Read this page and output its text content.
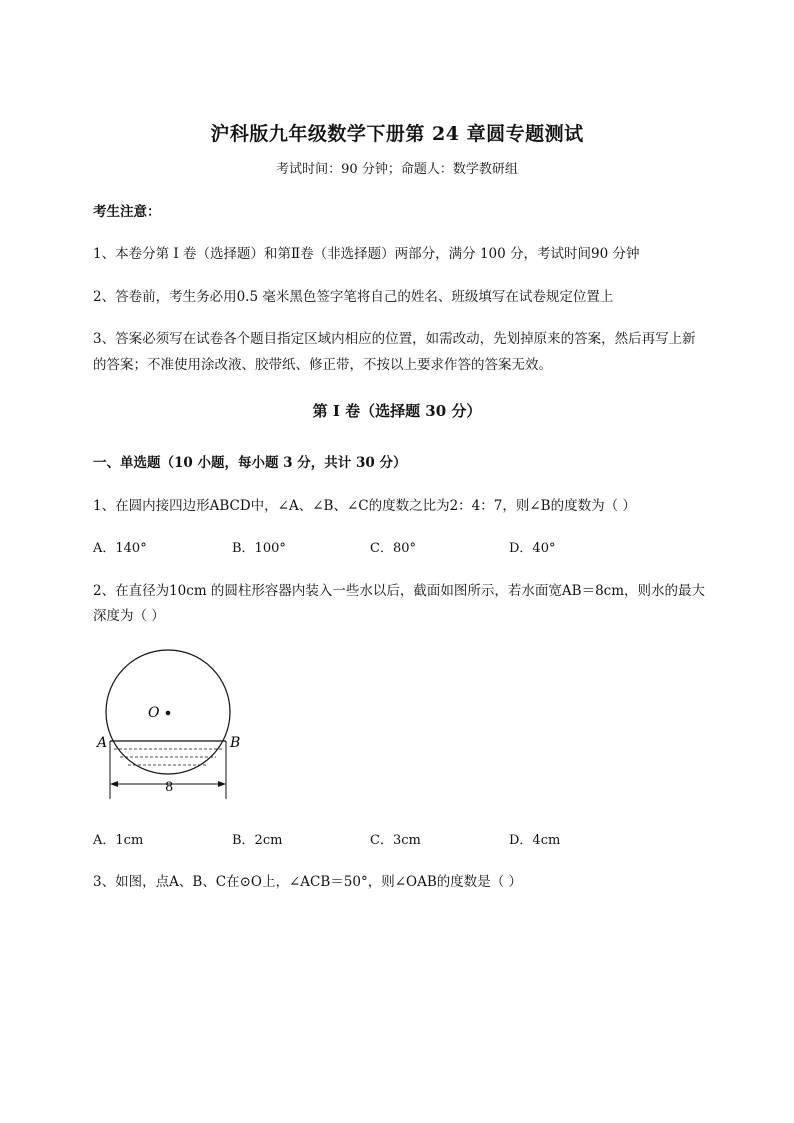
沪科版九年级数学下册第 24 章圆专题测试
考试时间：90 分钟；命题人：数学教研组
考生注意：
1、本卷分第 I 卷（选择题）和第Ⅱ卷（非选择题）两部分，满分 100 分，考试时间90 分钟
2、答卷前，考生务必用0.5 毫米黑色签字笔将自己的姓名、班级填写在试卷规定位置上
3、答案必须写在试卷各个题目指定区域内相应的位置，如需改动，先划掉原来的答案，然后再写上新
的答案；不准使用涂改液、胶带纸、修正带，不按以上要求作答的答案无效。
第 I 卷（选择题 30 分）
一、单选题（10 小题，每小题 3 分，共计 30 分）
1、在圆内接四边形ABCD中，∠A、∠B、∠C的度数之比为2：4：7，则∠B的度数为（ ）
A．140°	B．100°	C．80°	D．40°
2、在直径为10cm 的圆柱形容器内装入一些水以后，截面如图所示，若水面宽AB＝8cm，则水的最大
深度为（ ）
O
A	B
8
A．1cm	B．2cm	C．3cm	D．4cm
3、如图，点A、B、C在⊙O上，∠ACB＝50°，则∠OAB的度数是（ ）
